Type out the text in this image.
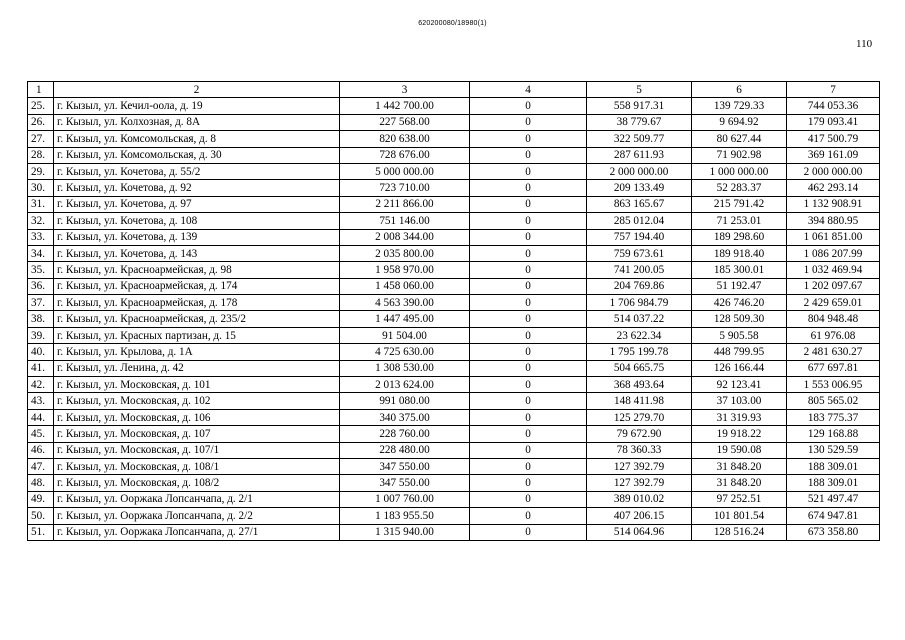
620200080/18980(1)
110
1	2	3	4	5	6	7
25.	г. Кызыл, ул. Кечил-оола, д. 19	1 442 700.00	0	558 917.31	139 729.33	744 053.36
26.	г. Кызыл, ул. Колхозная, д. 8А	227 568.00	0	38 779.67	9 694.92	179 093.41
27.	г. Кызыл, ул. Комсомольская, д. 8	820 638.00	0	322 509.77	80 627.44	417 500.79
28.	г. Кызыл, ул. Комсомольская, д. 30	728 676.00	0	287 611.93	71 902.98	369 161.09
29.	г. Кызыл, ул. Кочетова, д. 55/2	5 000 000.00	0	2 000 000.00	1 000 000.00	2 000 000.00
30.	г. Кызыл, ул. Кочетова, д. 92	723 710.00	0	209 133.49	52 283.37	462 293.14
31.	г. Кызыл, ул. Кочетова, д. 97	2 211 866.00	0	863 165.67	215 791.42	1 132 908.91
32.	г. Кызыл, ул. Кочетова, д. 108	751 146.00	0	285 012.04	71 253.01	394 880.95
33.	г. Кызыл, ул. Кочетова, д. 139	2 008 344.00	0	757 194.40	189 298.60	1 061 851.00
34.	г. Кызыл, ул. Кочетова, д. 143	2 035 800.00	0	759 673.61	189 918.40	1 086 207.99
35.	г. Кызыл, ул. Красноармейская, д. 98	1 958 970.00	0	741 200.05	185 300.01	1 032 469.94
36.	г. Кызыл, ул. Красноармейская, д. 174	1 458 060.00	0	204 769.86	51 192.47	1 202 097.67
37.	г. Кызыл, ул. Красноармейская, д. 178	4 563 390.00	0	1 706 984.79	426 746.20	2 429 659.01
38.	г. Кызыл, ул. Красноармейская, д. 235/2	1 447 495.00	0	514 037.22	128 509.30	804 948.48
39.	г. Кызыл, ул. Красных партизан, д. 15	91 504.00	0	23 622.34	5 905.58	61 976.08
40.	г. Кызыл, ул. Крылова, д. 1А	4 725 630.00	0	1 795 199.78	448 799.95	2 481 630.27
41.	г. Кызыл, ул. Ленина, д. 42	1 308 530.00	0	504 665.75	126 166.44	677 697.81
42.	г. Кызыл, ул. Московская, д. 101	2 013 624.00	0	368 493.64	92 123.41	1 553 006.95
43.	г. Кызыл, ул. Московская, д. 102	991 080.00	0	148 411.98	37 103.00	805 565.02
44.	г. Кызыл, ул. Московская, д. 106	340 375.00	0	125 279.70	31 319.93	183 775.37
45.	г. Кызыл, ул. Московская, д. 107	228 760.00	0	79 672.90	19 918.22	129 168.88
46.	г. Кызыл, ул. Московская, д. 107/1	228 480.00	0	78 360.33	19 590.08	130 529.59
47.	г. Кызыл, ул. Московская, д. 108/1	347 550.00	0	127 392.79	31 848.20	188 309.01
48.	г. Кызыл, ул. Московская, д. 108/2	347 550.00	0	127 392.79	31 848.20	188 309.01
49.	г. Кызыл, ул. Ооржака Лопсанчапа, д. 2/1	1 007 760.00	0	389 010.02	97 252.51	521 497.47
50.	г. Кызыл, ул. Ооржака Лопсанчапа, д. 2/2	1 183 955.50	0	407 206.15	101 801.54	674 947.81
51.	г. Кызыл, ул. Ооржака Лопсанчапа, д. 27/1	1 315 940.00	0	514 064.96	128 516.24	673 358.80
